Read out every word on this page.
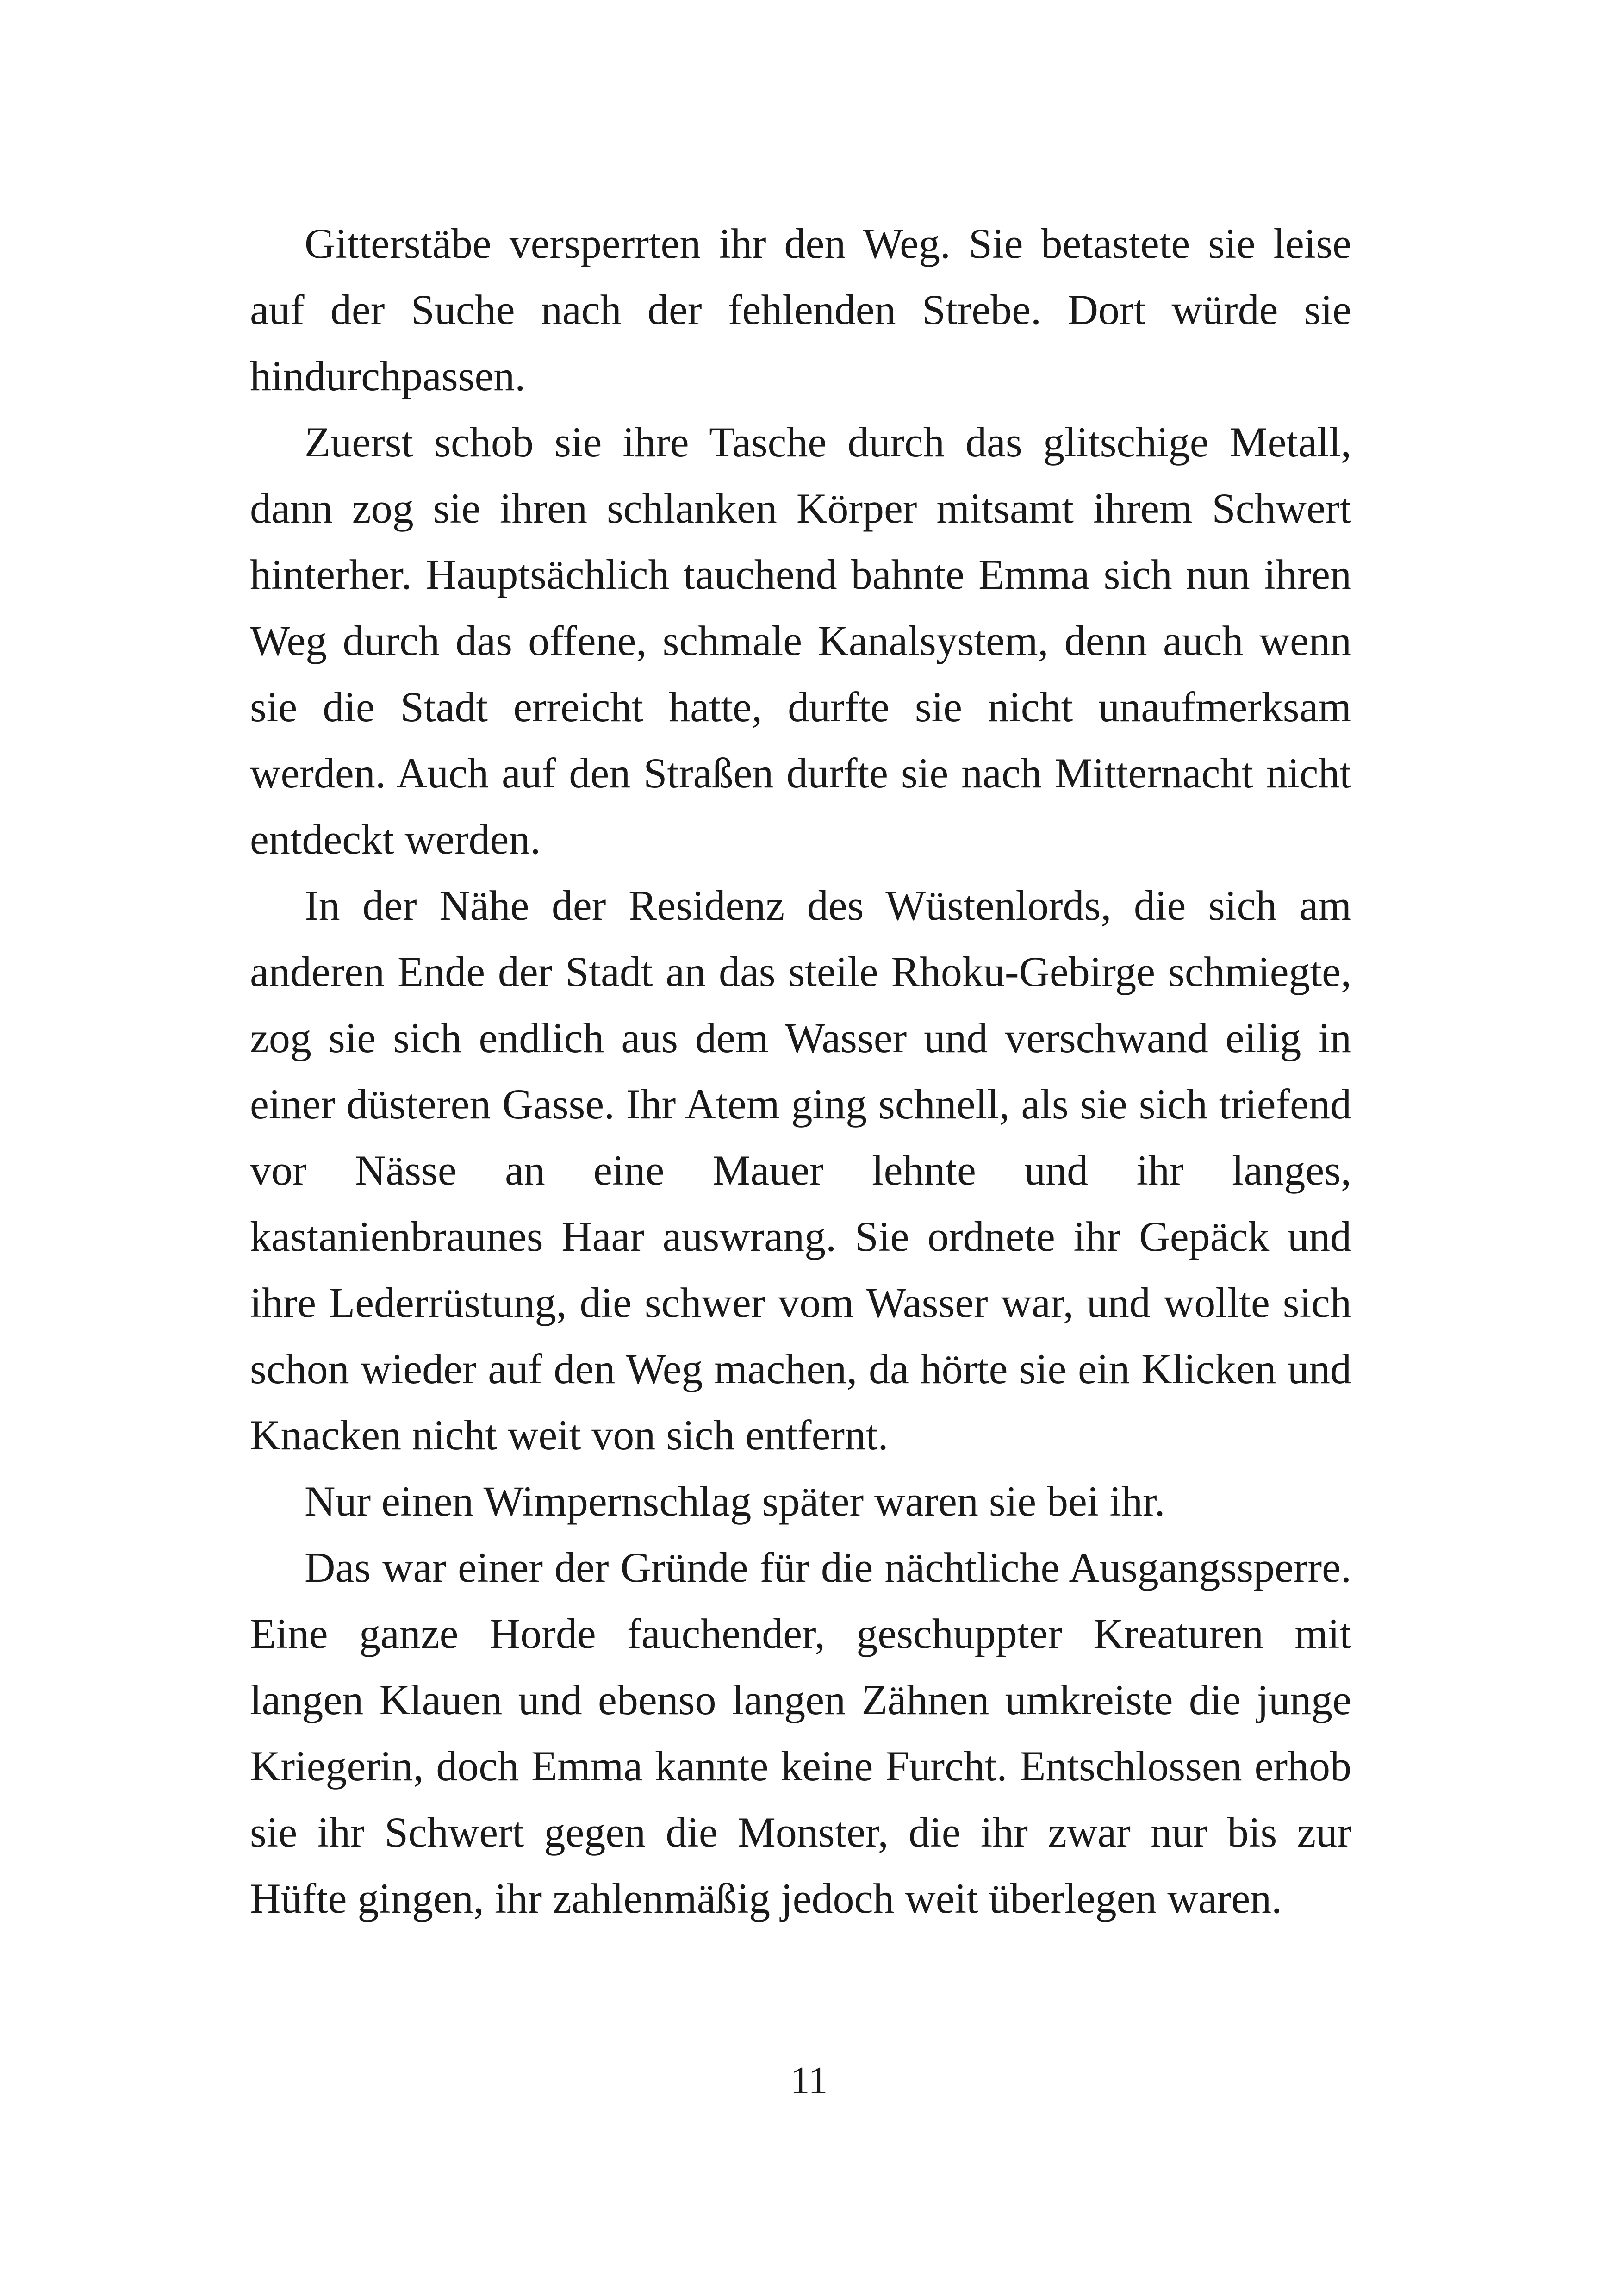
Gitterstäbe versperrten ihr den Weg. Sie betastete sie leise auf der Suche nach der fehlenden Strebe. Dort würde sie hindurchpassen.

Zuerst schob sie ihre Tasche durch das glitschige Metall, dann zog sie ihren schlanken Körper mitsamt ihrem Schwert hinterher. Hauptsächlich tauchend bahnte Emma sich nun ihren Weg durch das offene, schmale Kanalsystem, denn auch wenn sie die Stadt erreicht hatte, durfte sie nicht unaufmerksam werden. Auch auf den Straßen durfte sie nach Mitternacht nicht entdeckt werden.

In der Nähe der Residenz des Wüstenlords, die sich am anderen Ende der Stadt an das steile Rhoku-Gebirge schmiegte, zog sie sich endlich aus dem Wasser und verschwand eilig in einer düsteren Gasse. Ihr Atem ging schnell, als sie sich triefend vor Nässe an eine Mauer lehnte und ihr langes, kastanienbraunes Haar auswrang. Sie ordnete ihr Gepäck und ihre Lederrüstung, die schwer vom Wasser war, und wollte sich schon wieder auf den Weg machen, da hörte sie ein Klicken und Knacken nicht weit von sich entfernt.

Nur einen Wimpernschlag später waren sie bei ihr.

Das war einer der Gründe für die nächtliche Ausgangssperre. Eine ganze Horde fauchender, geschuppter Kreaturen mit langen Klauen und ebenso langen Zähnen umkreiste die junge Kriegerin, doch Emma kannte keine Furcht. Entschlossen erhob sie ihr Schwert gegen die Monster, die ihr zwar nur bis zur Hüfte gingen, ihr zahlenmäßig jedoch weit überlegen waren.

11
